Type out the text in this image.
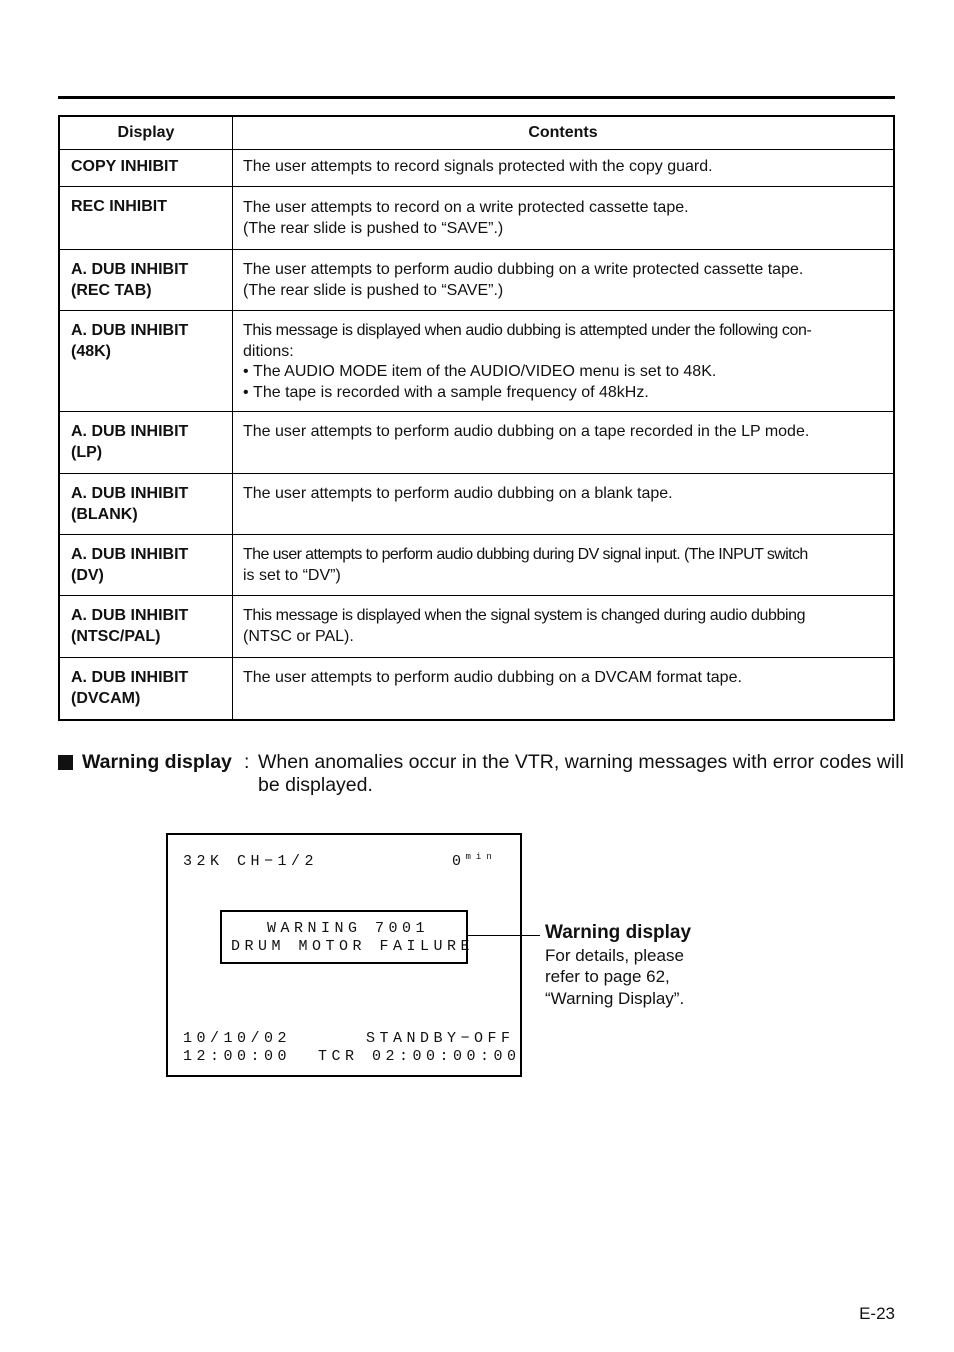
Display	Contents

COPY INHIBIT	The user attempts to record signals protected with the copy guard.

REC INHIBIT	The user attempts to record on a write protected cassette tape.
(The rear slide is pushed to “SAVE”.)

A. DUB INHIBIT
(REC TAB)	The user attempts to perform audio dubbing on a write protected cassette tape.
(The rear slide is pushed to “SAVE”.)

A. DUB INHIBIT
(48K)	This message is displayed when audio dubbing is attempted under the following con-
ditions:
• The AUDIO MODE item of the AUDIO/VIDEO menu is set to 48K.
• The tape is recorded with a sample frequency of 48kHz.

A. DUB INHIBIT
(LP)	The user attempts to perform audio dubbing on a tape recorded in the LP mode.

A. DUB INHIBIT
(BLANK)	The user attempts to perform audio dubbing on a blank tape.

A. DUB INHIBIT
(DV)	The user attempts to perform audio dubbing during DV signal input. (The INPUT switch
is set to “DV”)

A. DUB INHIBIT
(NTSC/PAL)	This message is displayed when the signal system is changed during audio dubbing
(NTSC or PAL).

A. DUB INHIBIT
(DVCAM)	The user attempts to perform audio dubbing on a DVCAM format tape.
Warning display : When anomalies occur in the VTR, warning messages with error codes will be displayed.
32K CH−1/2	$0^{min}$
WARNING 7001
DRUM MOTOR FAILURE
10/10/02	STANDBY−OFF
12:00:00 TCR 02:00:00:00
Warning display
For details, please
refer to page 62,
“Warning Display”.
E-23
